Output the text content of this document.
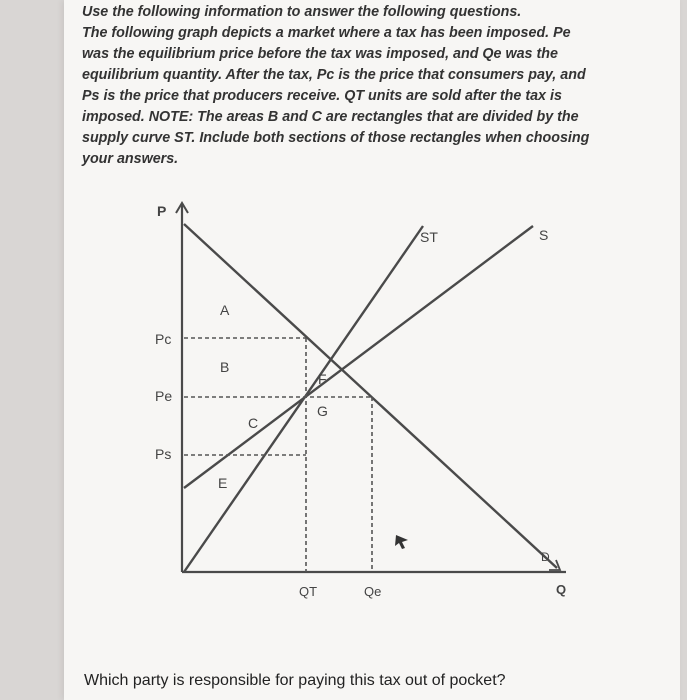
Use the following information to answer the following questions.

The following graph depicts a market where a tax has been imposed. Pe

was the equilibrium price before the tax was imposed, and Qe was the

equilibrium quantity. After the tax, Pc is the price that consumers pay, and

Ps is the price that producers receive. QT units are sold after the tax is

imposed. NOTE: The areas B and C are rectangles that are divided by the

supply curve ST. Include both sections of those rectangles when choosing

your answers.

P
Q
Pc
Pe
Ps
QT	Qe
ST	S
D
A
B
C
E
F
G
Which party is responsible for paying this tax out of pocket?
